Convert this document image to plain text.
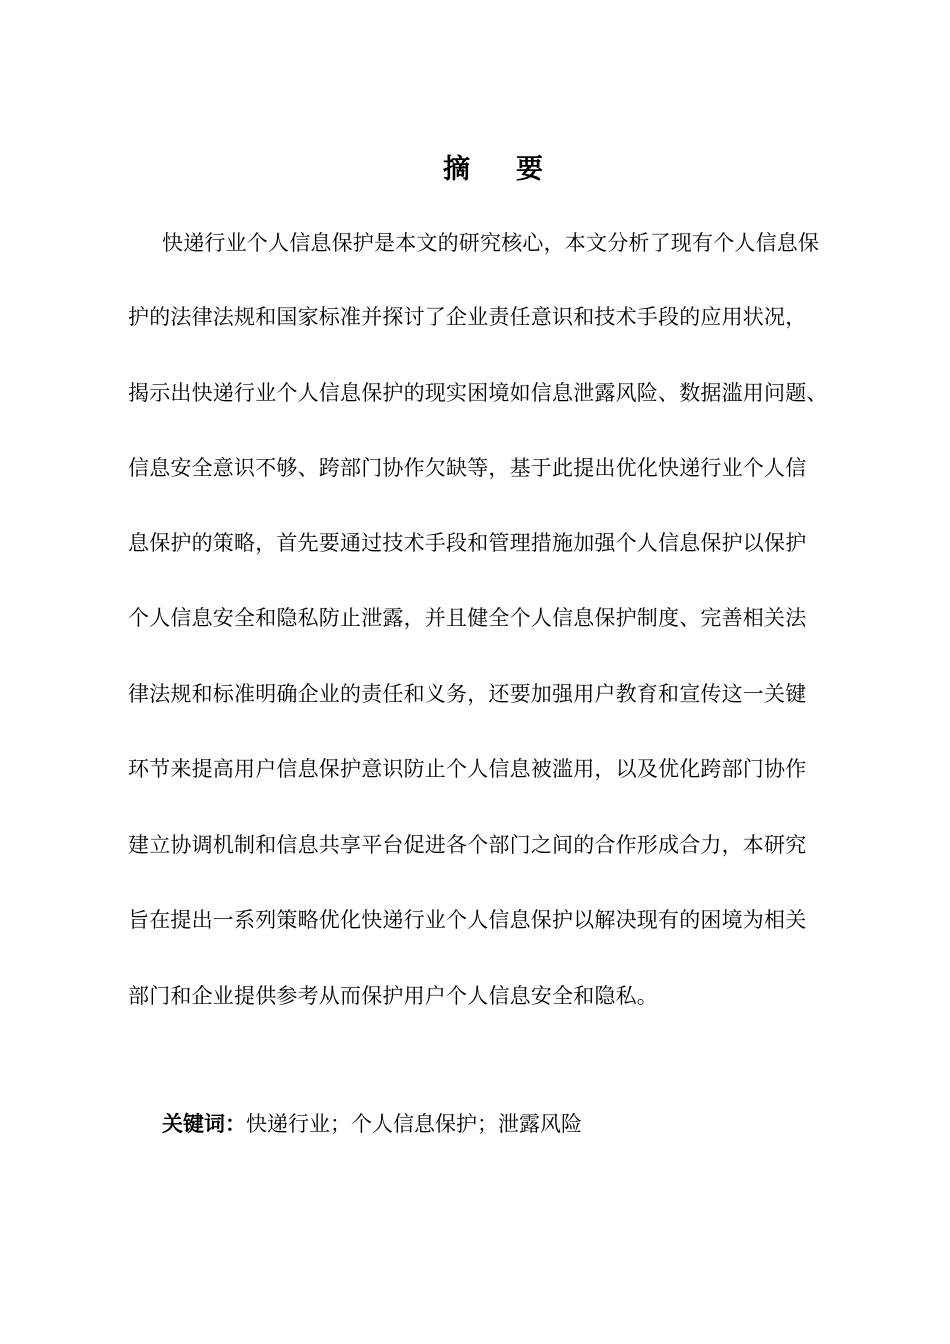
摘 要
快递行业个人信息保护是本文的研究核心，本文分析了现有个人信息保
护的法律法规和国家标准并探讨了企业责任意识和技术手段的应用状况，
揭示出快递行业个人信息保护的现实困境如信息泄露风险、数据滥用问题、
信息安全意识不够、跨部门协作欠缺等，基于此提出优化快递行业个人信
息保护的策略，首先要通过技术手段和管理措施加强个人信息保护以保护
个人信息安全和隐私防止泄露，并且健全个人信息保护制度、完善相关法
律法规和标准明确企业的责任和义务，还要加强用户教育和宣传这一关键
环节来提高用户信息保护意识防止个人信息被滥用，以及优化跨部门协作
建立协调机制和信息共享平台促进各个部门之间的合作形成合力，本研究
旨在提出一系列策略优化快递行业个人信息保护以解决现有的困境为相关
部门和企业提供参考从而保护用户个人信息安全和隐私。
关键词：快递行业；个人信息保护；泄露风险
